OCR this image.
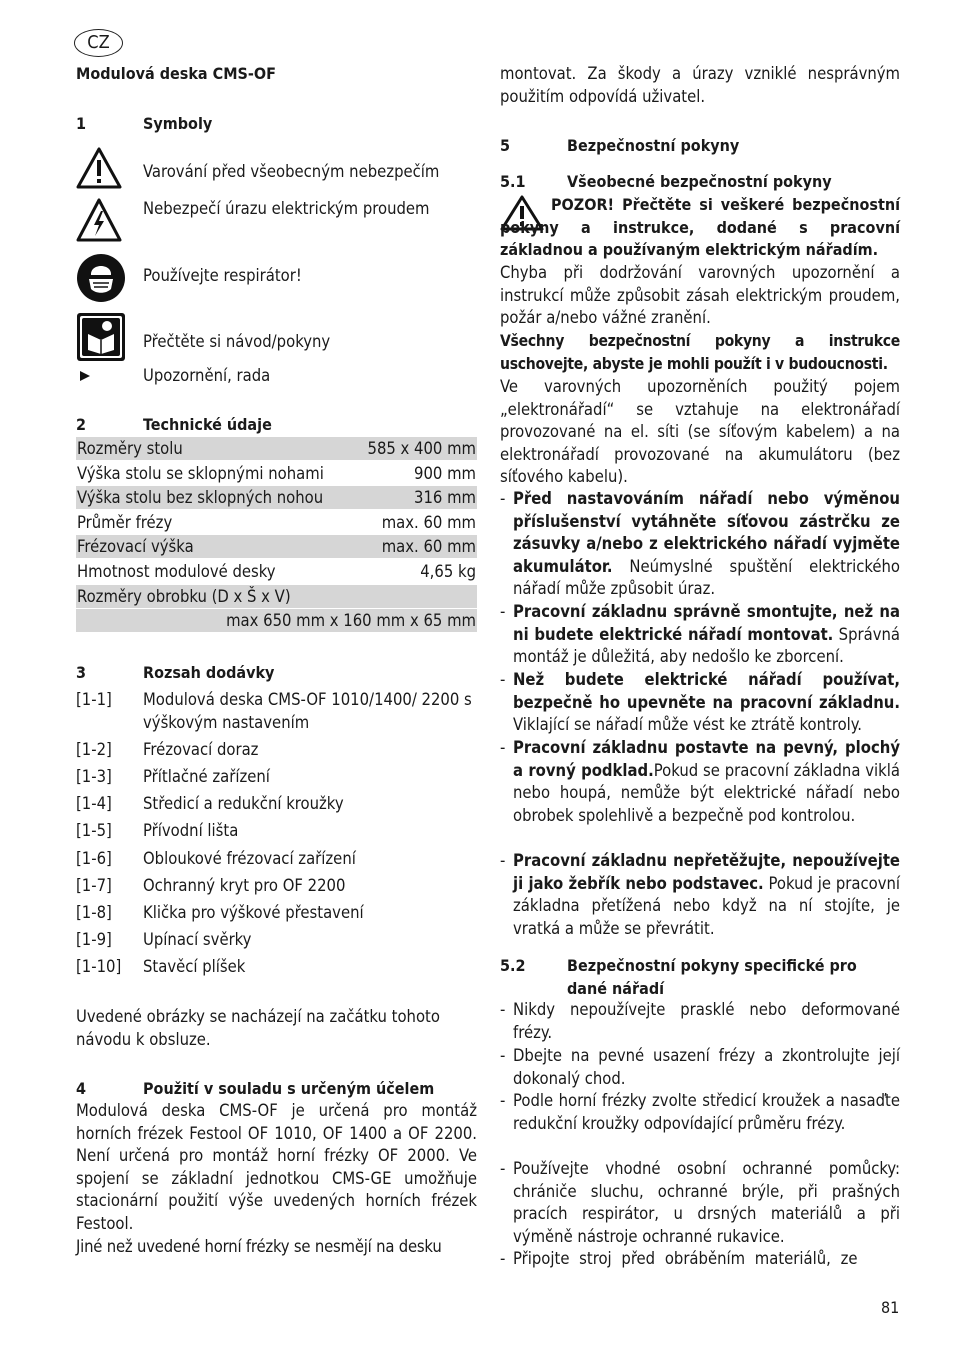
CZ
Modulová deska CMS-OF
1	Symboly
Varování před všeobecným nebezpečím
Nebezpečí úrazu elektrickým proudem
Používejte respirátor!
Přečtěte si návod/pokyny
Upozornění, rada
2	Technické údaje
Rozměry stolu	585 x 400 mm
Výška stolu se sklopnými nohami	900 mm
Výška stolu bez sklopných nohou	316 mm
Průměr frézy	max. 60 mm
Frézovací výška	max. 60 mm
Hmotnost modulové desky	4,65 kg
Rozměry obrobku (D x Š x V)
max 650 mm x 160 mm x 65 mm
3	Rozsah dodávky
[1-1] Modulová deska CMS-OF 1010/1400/ 2200 s výškovým nastavením
[1-2] Frézovací doraz
[1-3] Přítlačné zařízení
[1-4] Středicí a redukční kroužky
[1-5] Přívodní lišta
[1-6] Obloukové frézovací zařízení
[1-7] Ochranný kryt pro OF 2200
[1-8] Klička pro výškové přestavení
[1-9] Upínací svěrky
[1-10] Stavěcí plíšek
Uvedené obrázky se nacházejí na začátku tohoto návodu k obsluze.
4	Použití v souladu s určeným účelem
Modulová deska CMS-OF je určená pro montáž horních frézek Festool OF 1010, OF 1400 a OF 2200. Není určená pro montáž horní frézky OF 2000. Ve spojení se základní jednotkou CMS-GE umožňuje stacionární použití výše uvedených horních frézek Festool.
Jiné než uvedené horní frézky se nesmějí na desku
montovat. Za škody a úrazy vzniklé nesprávným použitím odpovídá uživatel.
5	Bezpečnostní pokyny
5.1	Všeobecné bezpečnostní pokyny
POZOR! Přečtěte si veškeré bezpečnostní pokyny a instrukce, dodané s pracovní základnou a používaným elektrickým nářadím.
Chyba při dodržování varovných upozornění a instrukcí může způsobit zásah elektrickým proudem, požár a/nebo vážné zranění.
Všechny bezpečnostní pokyny a instrukce uschovejte, abyste je mohli použít i v budoucnosti.
Ve varovných upozorněních použitý pojem „elektronářadí“ se vztahuje na elektronářadí provozované na el. síti (se síťovým kabelem) a na elektronářadí provozované na akumulátoru (bez síťového kabelu).
- Před nastavováním nářadí nebo výměnou příslušenství vytáhněte síťovou zástrčku ze zásuvky a/nebo z elektrického nářadí vyjměte akumulátor. Neúmyslné spuštění elektrického nářadí může způsobit úraz.
- Pracovní základnu správně smontujte, než na ni budete elektrické nářadí montovat. Správná montáž je důležitá, aby nedošlo ke zborcení.
- Než budete elektrické nářadí používat, bezpečně ho upevněte na pracovní základnu. Viklající se nářadí může vést ke ztrátě kontroly.
- Pracovní základnu postavte na pevný, plochý a rovný podklad.Pokud se pracovní základna viklá nebo houpá, nemůže být elektrické nářadí nebo obrobek spolehlivě a bezpečně pod kontrolou.
- Pracovní základnu nepřetěžujte, nepoužívejte ji jako žebřík nebo podstavec. Pokud je pracovní základna přetížená nebo když na ní stojíte, je vratká a může se převrátit.
5.2	Bezpečnostní pokyny specifické pro dané nářadí
- Nikdy nepoužívejte prasklé nebo deformované frézy.
- Dbejte na pevné usazení frézy a zkontrolujte její dokonalý chod.
- Podle horní frézky zvolte středicí kroužek a nasaďte redukční kroužky odpovídající průměru frézy.
- Používejte vhodné osobní ochranné pomůcky: chrániče sluchu, ochranné brýle, při prašných pracích respirátor, u drsných materiálů a při výměně nástroje ochranné rukavice.
- Připojte stroj před obráběním materiálů, ze
81
